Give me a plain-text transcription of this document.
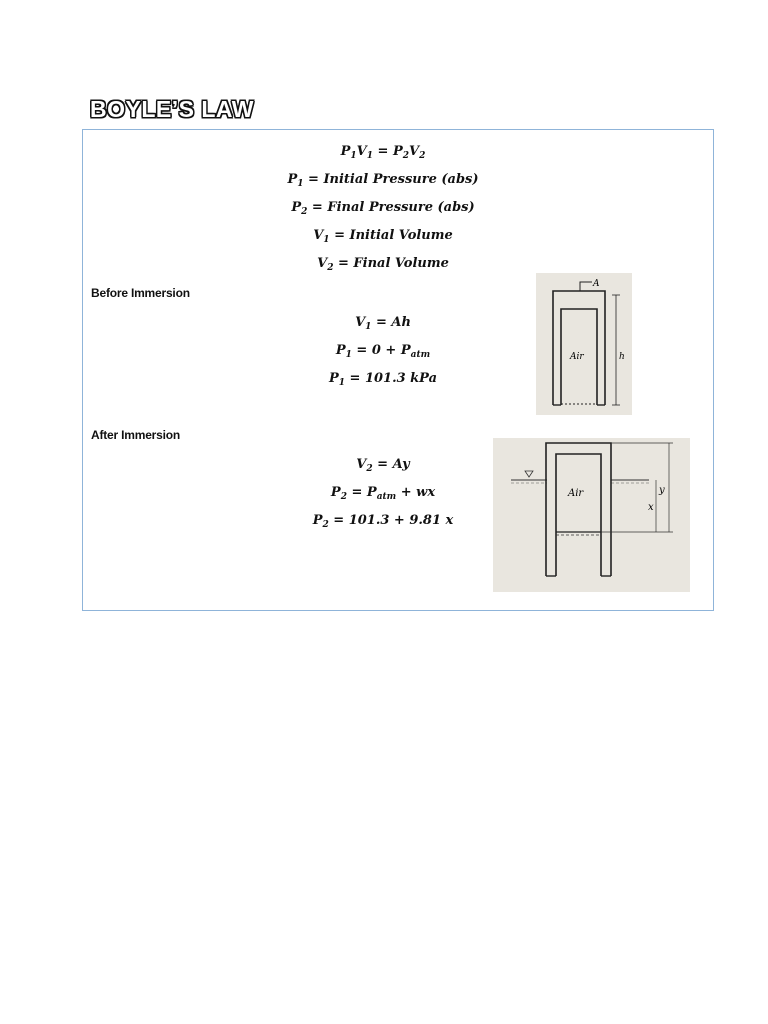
BOYLE’S LAW
$P_1V_1 = P_2V_2$
$P_1$ = Initial Pressure (abs)
$P_2$ = Final Pressure (abs)
$V_1$ = Initial Volume
$V_2$ = Final Volume
Before Immersion
$V_1 = Ah$
$P_1 = 0 + P_{atm}$
$P_1 = 101.3$ kPa
A
h
Air
After Immersion
$V_2 = Ay$
$P_2 = P_{atm}$ + wx
$P_2 = 101.3 + 9.81$ x
y
x
Air
